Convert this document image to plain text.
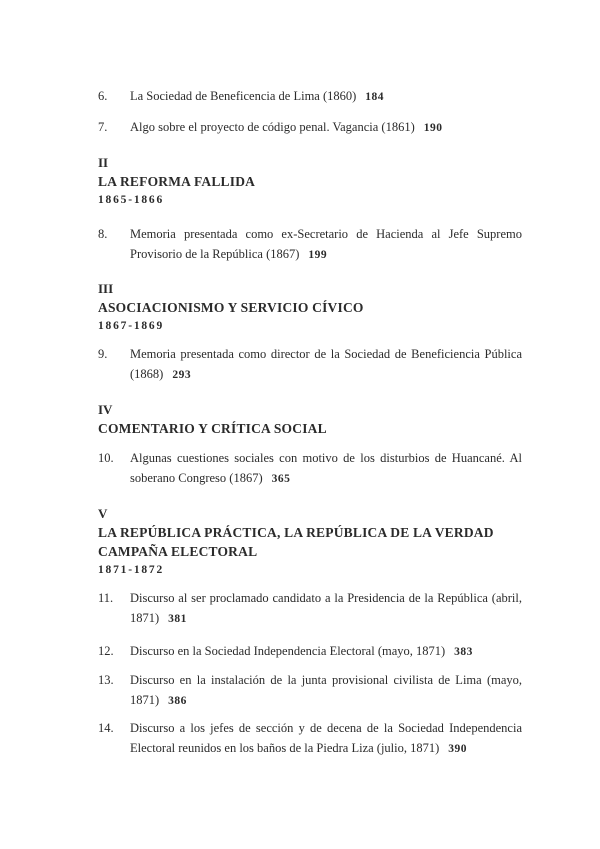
6.	La Sociedad de Beneficencia de Lima (1860) 184
7.	Algo sobre el proyecto de código penal. Vagancia (1861) 190
II
LA REFORMA FALLIDA
1865-1866
8.	Memoria presentada como ex-Secretario de Hacienda al Jefe Supremo Provisorio de la República (1867) 199
III
ASOCIACIONISMO Y SERVICIO CÍVICO
1867-1869
9.	Memoria presentada como director de la Sociedad de Beneficiencia Pública (1868) 293
IV
COMENTARIO Y CRÍTICA SOCIAL
10.	Algunas cuestiones sociales con motivo de los disturbios de Huancané. Al soberano Congreso (1867) 365
V
LA REPÚBLICA PRÁCTICA, LA REPÚBLICA DE LA VERDAD
CAMPAÑA ELECTORAL
1871-1872
11.	Discurso al ser proclamado candidato a la Presidencia de la República (abril, 1871) 381
12.	Discurso en la Sociedad Independencia Electoral (mayo, 1871) 383
13.	Discurso en la instalación de la junta provisional civilista de Lima (mayo, 1871) 386
14.	Discurso a los jefes de sección y de decena de la Sociedad Independencia Electoral reunidos en los baños de la Piedra Liza (julio, 1871) 390
